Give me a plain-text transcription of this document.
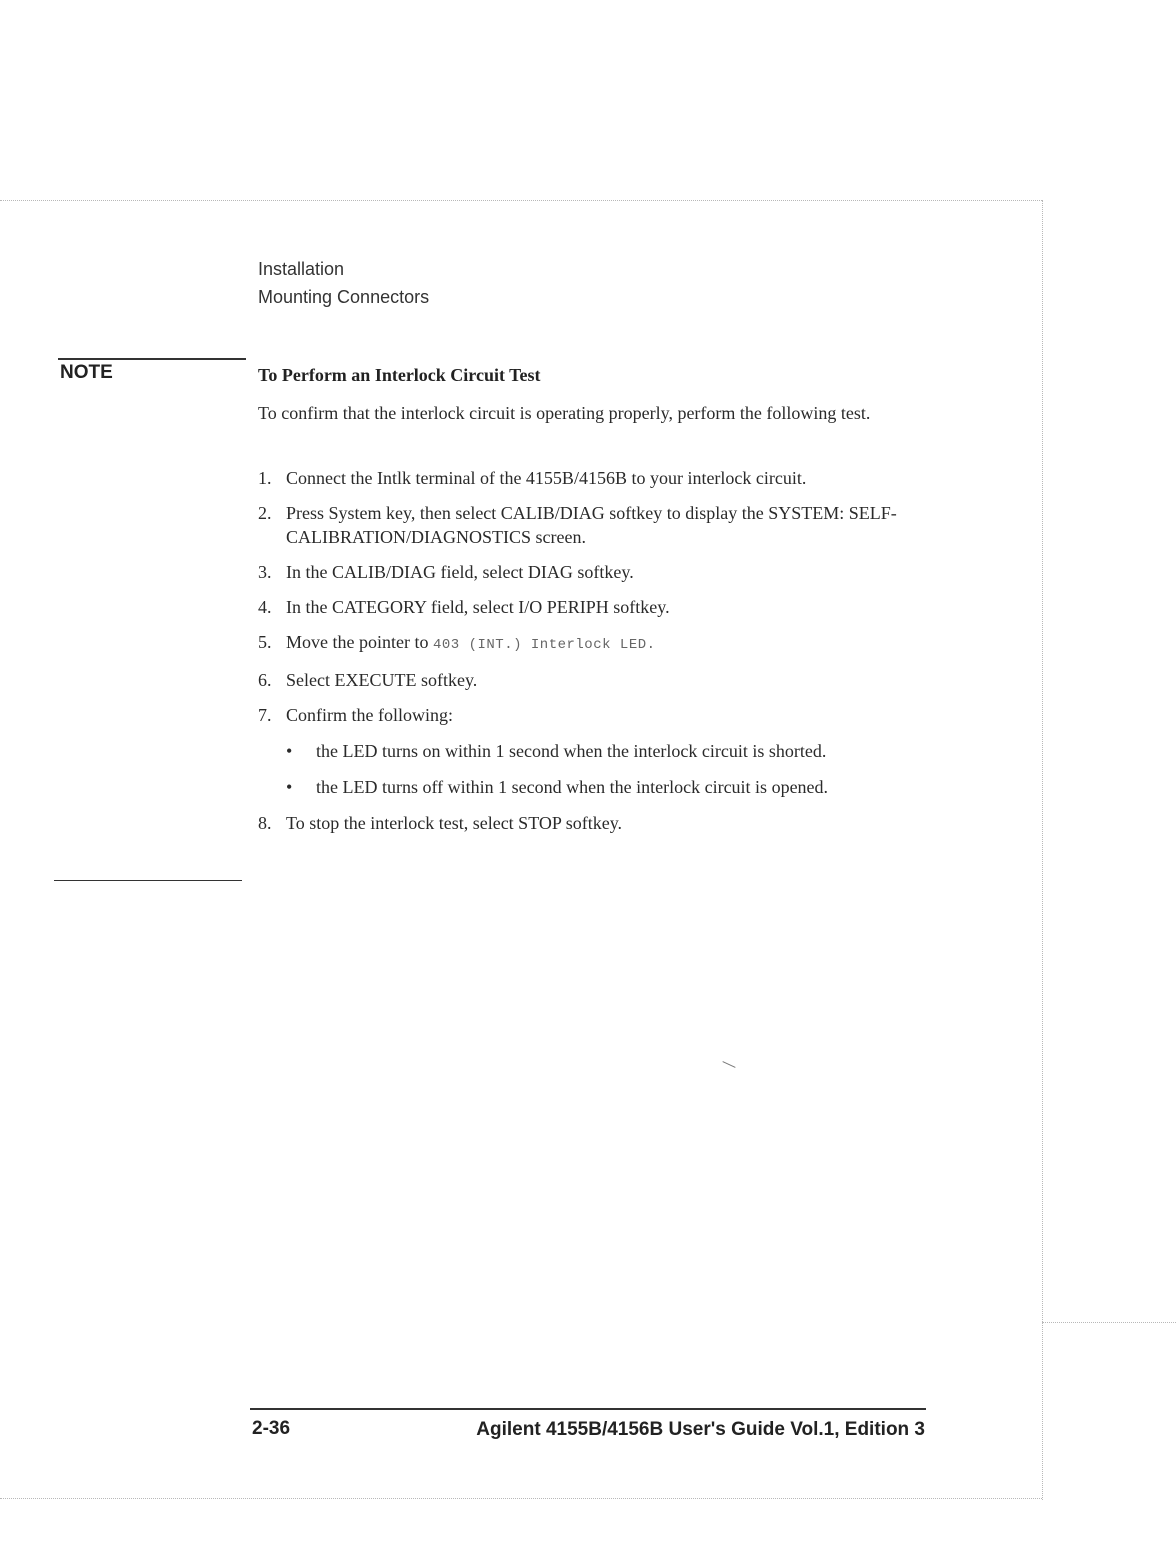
Installation
Mounting Connectors
NOTE	To Perform an Interlock Circuit Test
To confirm that the interlock circuit is operating properly, perform the following test.
1. Connect the Intlk terminal of the 4155B/4156B to your interlock circuit.
2. Press System key, then select CALIB/DIAG softkey to display the SYSTEM: SELF-CALIBRATION/DIAGNOSTICS screen.
3. In the CALIB/DIAG field, select DIAG softkey.
4. In the CATEGORY field, select I/O PERIPH softkey.
5. Move the pointer to 403 (INT.) Interlock LED.
6. Select EXECUTE softkey.
7. Confirm the following:
• the LED turns on within 1 second when the interlock circuit is shorted.
• the LED turns off within 1 second when the interlock circuit is opened.
8. To stop the interlock test, select STOP softkey.
2-36	Agilent 4155B/4156B User's Guide Vol.1, Edition 3
